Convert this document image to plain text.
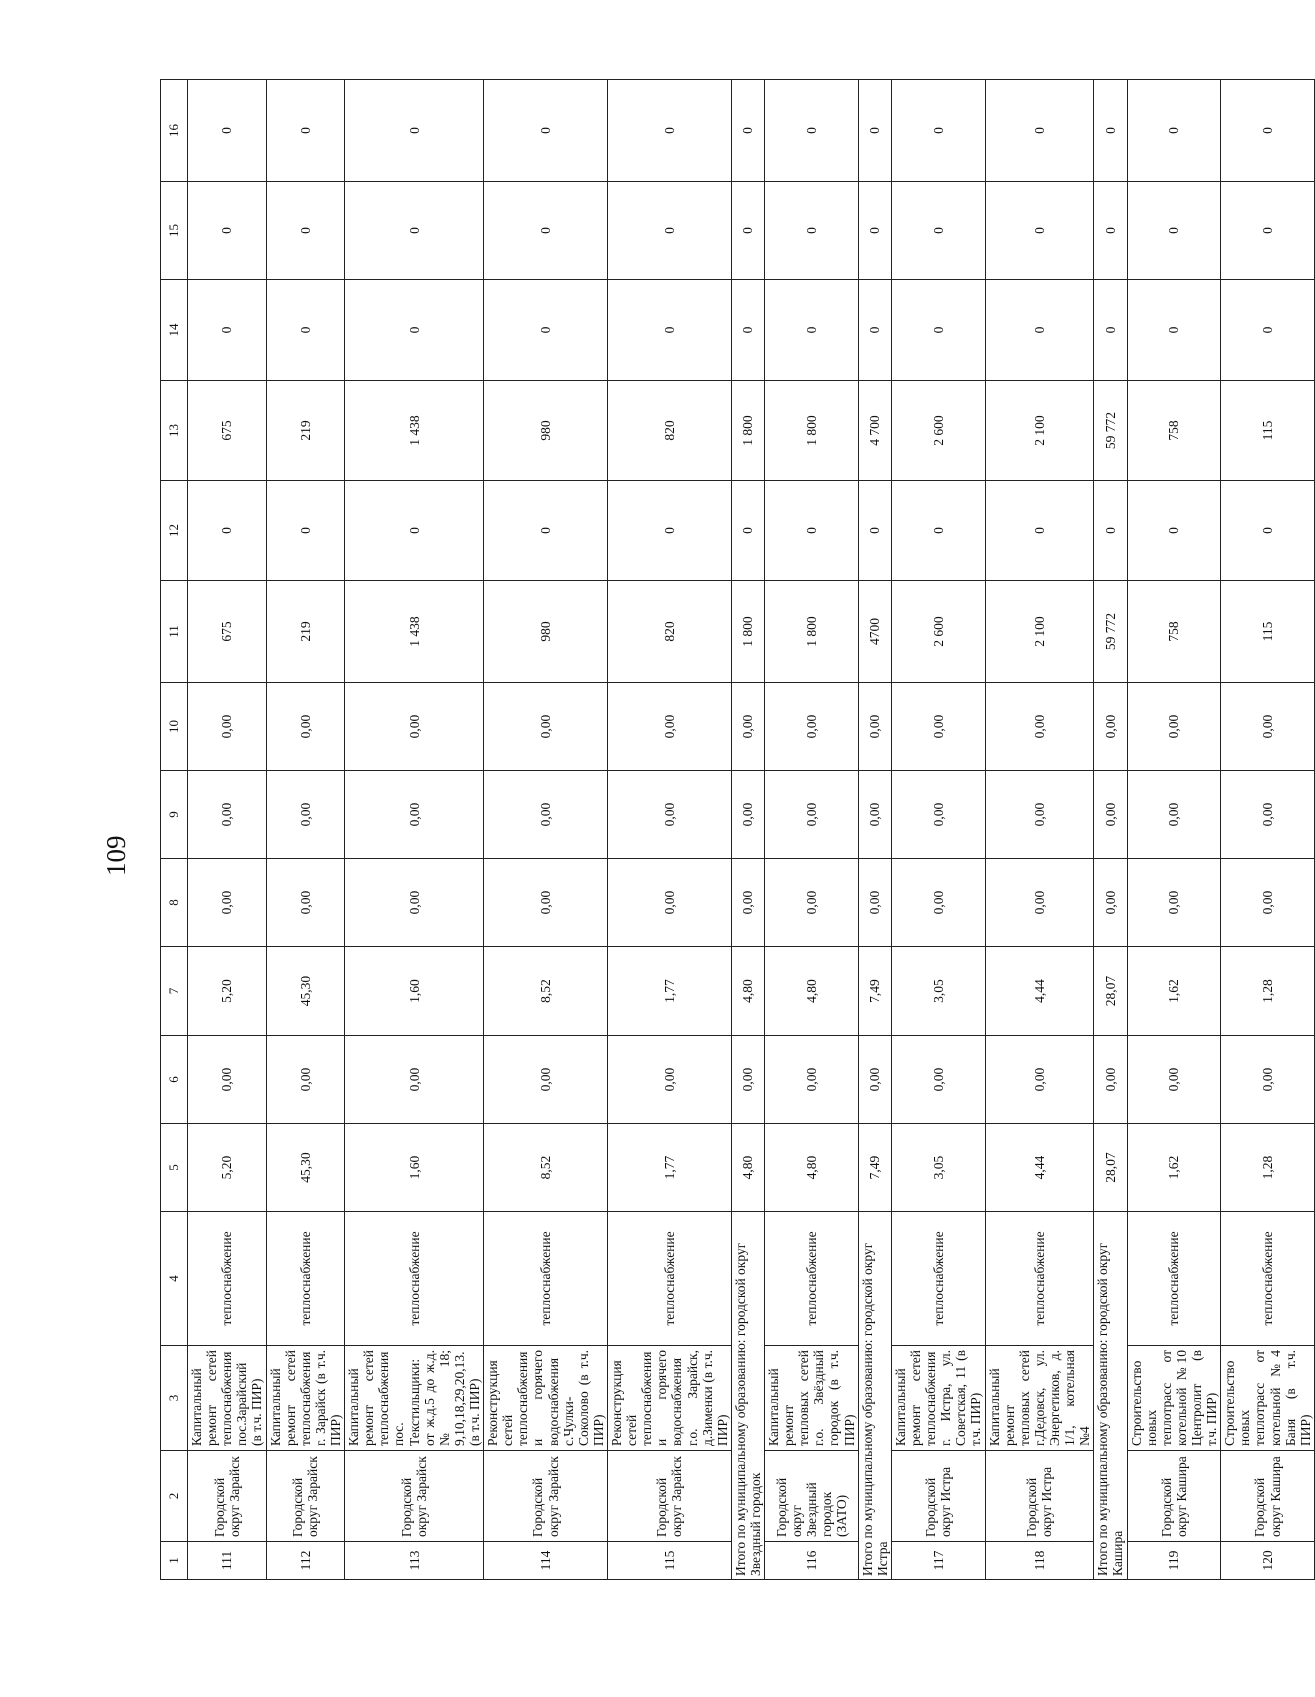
109
1	2	3	4	5	6	7	8	9	10	11	12	13	14	15	16
111	Городской округ Зарайск	Капитальный ремонт сетей теплоснабжения пос.Зарайский (в т.ч. ПИР)	теплоснабжение	5,20	0,00	5,20	0,00	0,00	0,00	675	0	675	0	0	0
112	Городской округ Зарайск	Капитальный ремонт сетей теплоснабжения г. Зарайск (в т.ч. ПИР)	теплоснабжение	45,30	0,00	45,30	0,00	0,00	0,00	219	0	219	0	0	0
113	Городской округ Зарайск	Капитальный ремонт сетей теплоснабжения пос. Текстильщики: от ж.д.5 до ж.д.№18; 9,10,18,29,20,13. (в т.ч. ПИР)	теплоснабжение	1,60	0,00	1,60	0,00	0,00	0,00	1 438	0	1 438	0	0	0
114	Городской округ Зарайск	Реконструкция сетей теплоснабжения и горячего водоснабжения с.Чулки-Соколово (в т.ч. ПИР)	теплоснабжение	8,52	0,00	8,52	0,00	0,00	0,00	980	0	980	0	0	0
115	Городской округ Зарайск	Реконструкция сетей теплоснабжения и горячего водоснабжения г.о. Зарайск, д.Зименки (в т.ч. ПИР)	теплоснабжение	1,77	0,00	1,77	0,00	0,00	0,00	820	0	820	0	0	0
Итого по муниципальному образованию: городской округ Звездный городок				4,80	0,00	4,80	0,00	0,00	0,00	1 800	0	1 800	0	0	0
116	Городской округ Звездный городок (ЗАТО)	Капитальный ремонт тепловых сетей г.о. Звёздный городок (в т.ч. ПИР)	теплоснабжение	4,80	0,00	4,80	0,00	0,00	0,00	1 800	0	1 800	0	0	0
Итого по муниципальному образованию: городской округ Истра				7,49	0,00	7,49	0,00	0,00	0,00	4700	0	4 700	0	0	0
117	Городской округ Истра	Капитальный ремонт сетей теплоснабжения г. Истра, ул. Советская, 11 (в т.ч. ПИР)	теплоснабжение	3,05	0,00	3,05	0,00	0,00	0,00	2 600	0	2 600	0	0	0
118	Городской округ Истра	Капитальный ремонт тепловых сетей г.Дедовск, ул. Энергетиков, д. 1/1, котельная №4	теплоснабжение	4,44	0,00	4,44	0,00	0,00	0,00	2 100	0	2 100	0	0	0
Итого по муниципальному образованию: городской округ Кашира				28,07	0,00	28,07	0,00	0,00	0,00	59 772	0	59 772	0	0	0
119	Городской округ Кашира	Строительство новых теплотрасс от котельной №10 Центролит (в т.ч. ПИР)	теплоснабжение	1,62	0,00	1,62	0,00	0,00	0,00	758	0	758	0	0	0
120	Городской округ Кашира	Строительство новых теплотрасс от котельной №4 Баня (в т.ч. ПИР)	теплоснабжение	1,28	0,00	1,28	0,00	0,00	0,00	115	0	115	0	0	0
